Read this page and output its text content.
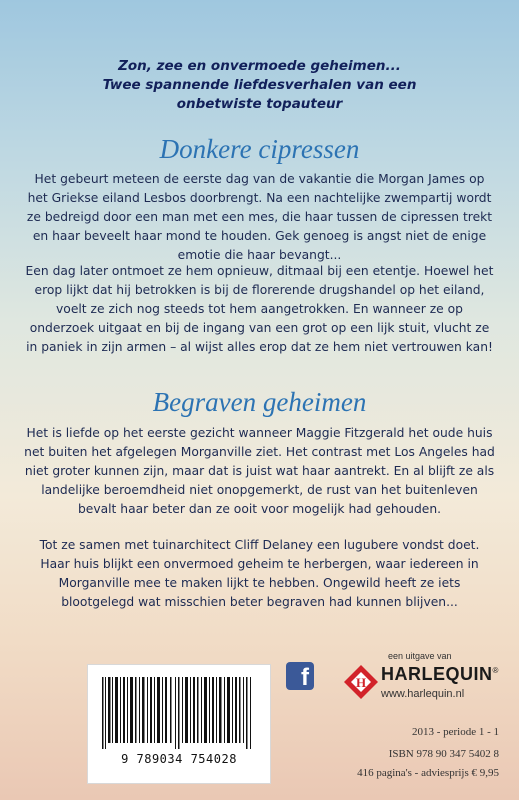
Zon, zee en onvermoede geheimen...
Twee spannende liefdesverhalen van een
onbetwiste topauteur
Donkere cipressen
Het gebeurt meteen de eerste dag van de vakantie die Morgan James op het Griekse eiland Lesbos doorbrengt. Na een nachtelijke zwempartij wordt ze bedreigd door een man met een mes, die haar tussen de cipressen trekt en haar beveelt haar mond te houden. Gek genoeg is angst niet de enige emotie die haar bevangt...
Een dag later ontmoet ze hem opnieuw, ditmaal bij een etentje. Hoewel het erop lijkt dat hij betrokken is bij de florerende drugshandel op het eiland, voelt ze zich nog steeds tot hem aangetrokken. En wanneer ze op onderzoek uitgaat en bij de ingang van een grot op een lijk stuit, vlucht ze in paniek in zijn armen – al wijst alles erop dat ze hem niet vertrouwen kan!
Begraven geheimen
Het is liefde op het eerste gezicht wanneer Maggie Fitzgerald het oude huis net buiten het afgelegen Morganville ziet. Het contrast met Los Angeles had niet groter kunnen zijn, maar dat is juist wat haar aantrekt. En al blijft ze als landelijke beroemdheid niet onopgemerkt, de rust van het buitenleven bevalt haar beter dan ze ooit voor mogelijk had gehouden.
Tot ze samen met tuinarchitect Cliff Delaney een lugubere vondst doet. Haar huis blijkt een onvermoed geheim te herbergen, waar iedereen in Morganville mee te maken lijkt te hebben. Ongewild heeft ze iets blootgelegd wat misschien beter begraven had kunnen blijven...
9 789034 754028
f
een uitgave van
H HARLEQUIN®
www.harlequin.nl
2013 - periode 1 - 1
ISBN 978 90 347 5402 8
416 pagina's - adviesprijs € 9,95
